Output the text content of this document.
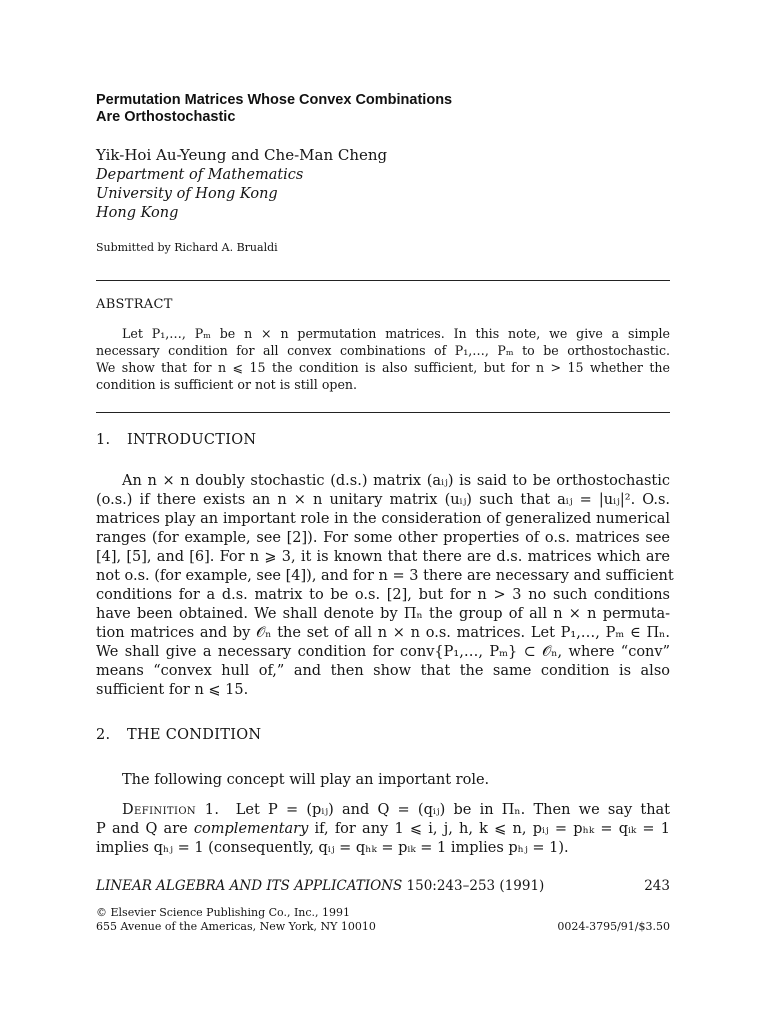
Permutation Matrices Whose Convex Combinations
Are Orthostochastic
Yik-Hoi Au-Yeung and Che-Man Cheng
Department of Mathematics
University of Hong Kong
Hong Kong
Submitted by Richard A. Brualdi
ABSTRACT
Let P₁,…, Pₘ be n × n permutation matrices. In this note, we give a simple
necessary condition for all convex combinations of P₁,…, Pₘ to be orthostochastic.
We show that for n ⩽ 15 the condition is also sufficient, but for n > 15 whether the
condition is sufficient or not is still open.
1. INTRODUCTION
An n × n doubly stochastic (d.s.) matrix (aᵢⱼ) is said to be orthostochastic
(o.s.) if there exists an n × n unitary matrix (uᵢⱼ) such that aᵢⱼ = |uᵢⱼ|². O.s.
matrices play an important role in the consideration of generalized numerical
ranges (for example, see [2]). For some other properties of o.s. matrices see
[4], [5], and [6]. For n ⩾ 3, it is known that there are d.s. matrices which are
not o.s. (for example, see [4]), and for n = 3 there are necessary and sufficient
conditions for a d.s. matrix to be o.s. [2], but for n > 3 no such conditions
have been obtained. We shall denote by Πₙ the group of all n × n permuta-
tion matrices and by 𝒪ₙ the set of all n × n o.s. matrices. Let P₁,…, Pₘ ∈ Πₙ.
We shall give a necessary condition for conv{P₁,…, Pₘ} ⊂ 𝒪ₙ, where “conv”
means “convex hull of,” and then show that the same condition is also
sufficient for n ⩽ 15.
2. THE CONDITION
The following concept will play an important role.
Definition 1. Let P = (pᵢⱼ) and Q = (qᵢⱼ) be in Πₙ. Then we say that
P and Q are complementary if, for any 1 ⩽ i, j, h, k ⩽ n, pᵢⱼ = pₕₖ = qᵢₖ = 1
implies qₕⱼ = 1 (consequently, qᵢⱼ = qₕₖ = pᵢₖ = 1 implies pₕⱼ = 1).
LINEAR ALGEBRA AND ITS APPLICATIONS 150:243–253 (1991)	243
© Elsevier Science Publishing Co., Inc., 1991
655 Avenue of the Americas, New York, NY 10010	0024-3795/91/$3.50
